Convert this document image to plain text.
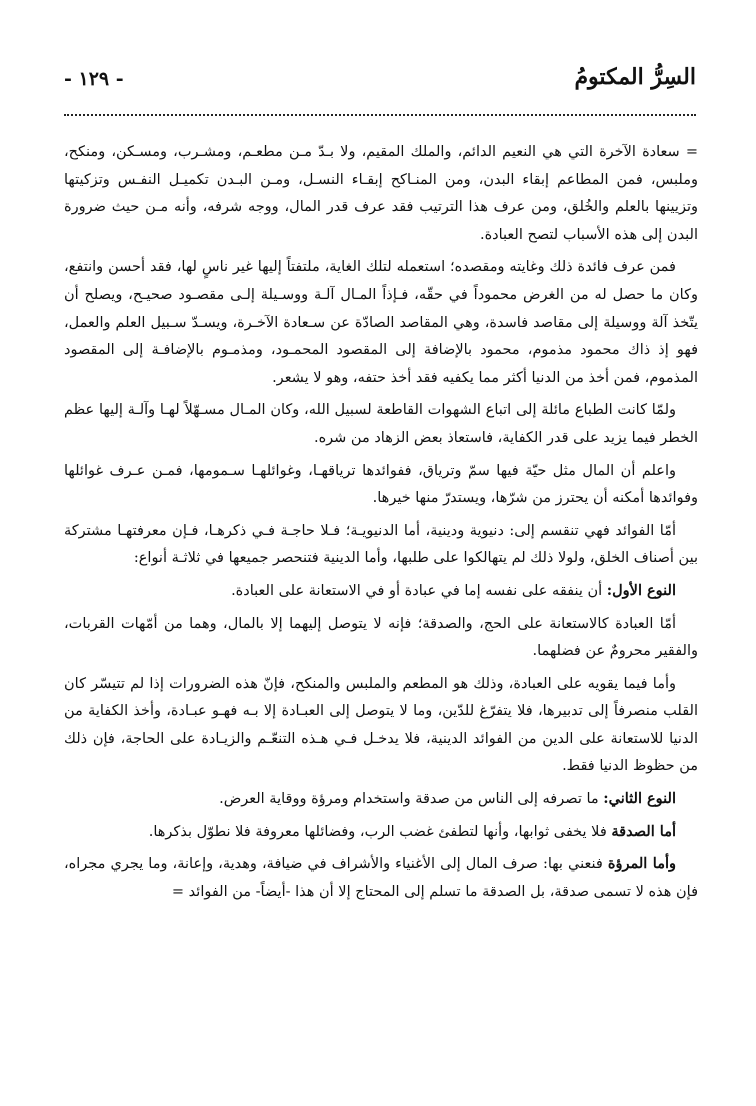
السِرُّ المكتومُ
- ١٢٩ -

= سعادة الآخرة التي هي النعيم الدائم، والملك المقيم، ولا بـدّ مـن مطعـم، ومشـرب، ومسـكن، ومنكح، وملبس، فمن المطاعم إبقاء البدن، ومن المنـاكح إبقـاء النسـل، ومـن البـدن تكميـل النفـس وتزكيتها وتزيينها بالعلم والخُلق، ومن عرف هذا الترتيب فقد عرف قدر المال، ووجه شرفه، وأنه مـن حيث ضرورة البدن إلى هذه الأسباب لتصح العبادة.

فمن عرف فائدة ذلك وغايته ومقصده؛ استعمله لتلك الغاية، ملتفتاً إليها غير ناسٍ لها، فقد أحسن وانتفع، وكان ما حصل له من الغرض محموداً في حقّه، فـإذاً المـال آلـة ووسـيلة إلـى مقصـود صحيـح، ويصلح أن يتّخذ آلة ووسيلة إلى مقاصد فاسدة، وهي المقاصد الصادّة عن سـعادة الآخـرة، ويسـدّ سـبيل العلم والعمل، فهو إذ ذاك محمود مذموم، محمود بالإضافة إلى المقصود المحمـود، ومذمـوم بالإضافـة إلى المقصود المذموم، فمن أخذ من الدنيا أكثر مما يكفيه فقد أخذ حتفه، وهو لا يشعر.

ولمّا كانت الطباع مائلة إلى اتباع الشهوات القاطعة لسبيل الله، وكان المـال مسـهّلاً لهـا وآلـة إليها عظم الخطر فيما يزيد على قدر الكفاية، فاستعاذ بعض الزهاد من شره.

واعلم أن المال مثل حيّة فيها سمّ وترياق، ففوائدها ترياقهـا، وغوائلهـا سـمومها، فمـن عـرف غوائلها وفوائدها أمكنه أن يحترز من شرّها، ويستدرّ منها خيرها.

أمّا الفوائد فهي تنقسم إلى: دنيوية ودينية، أما الدنيويـة؛ فـلا حاجـة فـي ذكرهـا، فـإن معرفتهـا مشتركة بين أصناف الخلق، ولولا ذلك لم يتهالكوا على طلبها، وأما الدينية فتنحصر جميعها في ثلاثـة أنواع:

النوع الأول: أن ينفقه على نفسه إما في عبادة أو في الاستعانة على العبادة.

أمّا العبادة كالاستعانة على الحج، والصدقة؛ فإنه لا يتوصل إليهما إلا بالمال، وهما من أمّهات القربات، والفقير محرومٌ عن فضلهما.

وأما فيما يقويه على العبادة، وذلك هو المطعم والملبس والمنكح، فإنّ هذه الضرورات إذا لم تتيسّر كان القلب منصرفاً إلى تدبيرها، فلا يتفرّغ للدّين، وما لا يتوصل إلى العبـادة إلا بـه فهـو عبـادة، وأخذ الكفاية من الدنيا للاستعانة على الدين من الفوائد الدينية، فلا يدخـل فـي هـذه التنعّـم والزيـادة على الحاجة، فإن ذلك من حظوظ الدنيا فقط.

النوع الثاني: ما تصرفه إلى الناس من صدقة واستخدام ومرؤة ووقاية العرض.

أما الصدقة فلا يخفى ثوابها، وأنها لتطفئ غضب الرب، وفضائلها معروفة فلا نطوّل بذكرها.

وأما المرؤة فنعني بها: صرف المال إلى الأغنياء والأشراف في ضيافة، وهدية، وإعانة، وما يجري مجراه، فإن هذه لا تسمى صدقة، بل الصدقة ما تسلم إلى المحتاج إلا أن هذا -أيضاً- من الفوائد =
